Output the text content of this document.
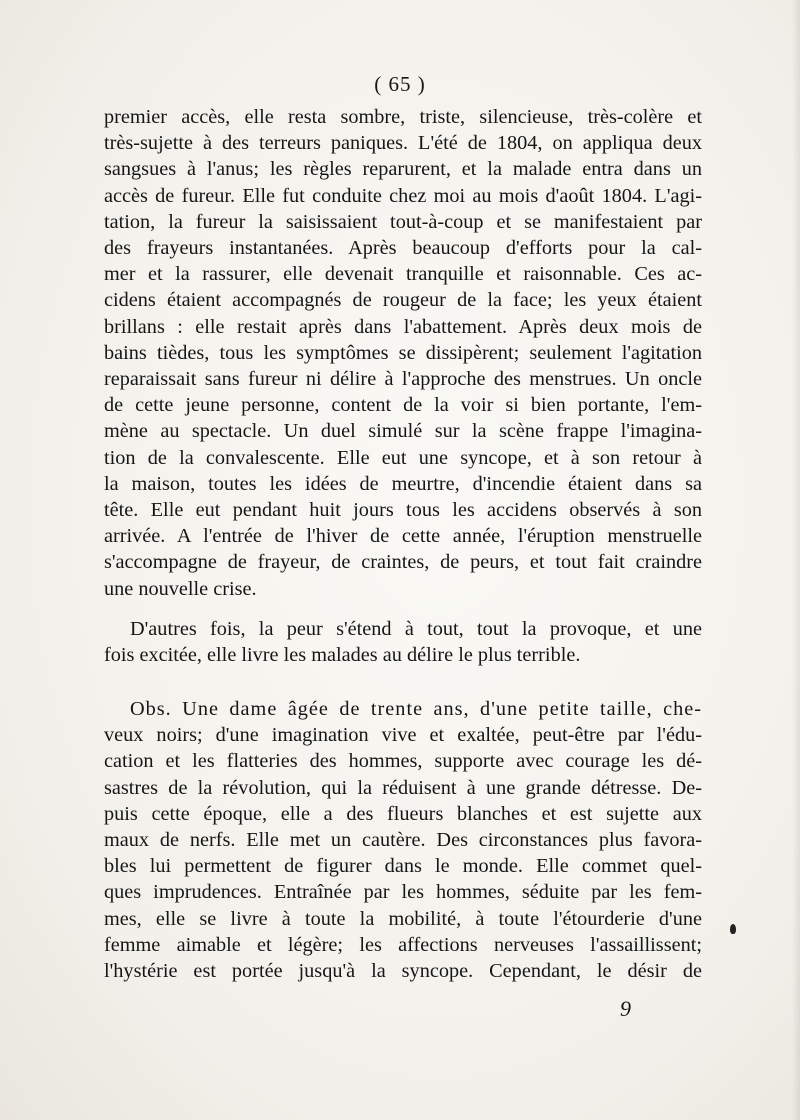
( 65 )
premier accès, elle resta sombre, triste, silencieuse, très-colère et
très-sujette à des terreurs paniques. L'été de 1804, on appliqua deux
sangsues à l'anus; les règles reparurent, et la malade entra dans un
accès de fureur. Elle fut conduite chez moi au mois d'août 1804. L'agi-
tation, la fureur la saisissaient tout-à-coup et se manifestaient par
des frayeurs instantanées. Après beaucoup d'efforts pour la cal-
mer et la rassurer, elle devenait tranquille et raisonnable. Ces ac-
cidens étaient accompagnés de rougeur de la face; les yeux étaient
brillans : elle restait après dans l'abattement. Après deux mois de
bains tièdes, tous les symptômes se dissipèrent; seulement l'agitation
reparaissait sans fureur ni délire à l'approche des menstrues. Un oncle
de cette jeune personne, content de la voir si bien portante, l'em-
mène au spectacle. Un duel simulé sur la scène frappe l'imagina-
tion de la convalescente. Elle eut une syncope, et à son retour à
la maison, toutes les idées de meurtre, d'incendie étaient dans sa
tête. Elle eut pendant huit jours tous les accidens observés à son
arrivée. A l'entrée de l'hiver de cette année, l'éruption menstruelle
s'accompagne de frayeur, de craintes, de peurs, et tout fait craindre
une nouvelle crise.
D'autres fois, la peur s'étend à tout, tout la provoque, et une
fois excitée, elle livre les malades au délire le plus terrible.
Obs. Une dame âgée de trente ans, d'une petite taille, che-
veux noirs; d'une imagination vive et exaltée, peut-être par l'édu-
cation et les flatteries des hommes, supporte avec courage les dé-
sastres de la révolution, qui la réduisent à une grande détresse. De-
puis cette époque, elle a des flueurs blanches et est sujette aux
maux de nerfs. Elle met un cautère. Des circonstances plus favora-
bles lui permettent de figurer dans le monde. Elle commet quel-
ques imprudences. Entraînée par les hommes, séduite par les fem-
mes, elle se livre à toute la mobilité, à toute l'étourderie d'une
femme aimable et légère; les affections nerveuses l'assaillissent;
l'hystérie est portée jusqu'à la syncope. Cependant, le désir de
9
